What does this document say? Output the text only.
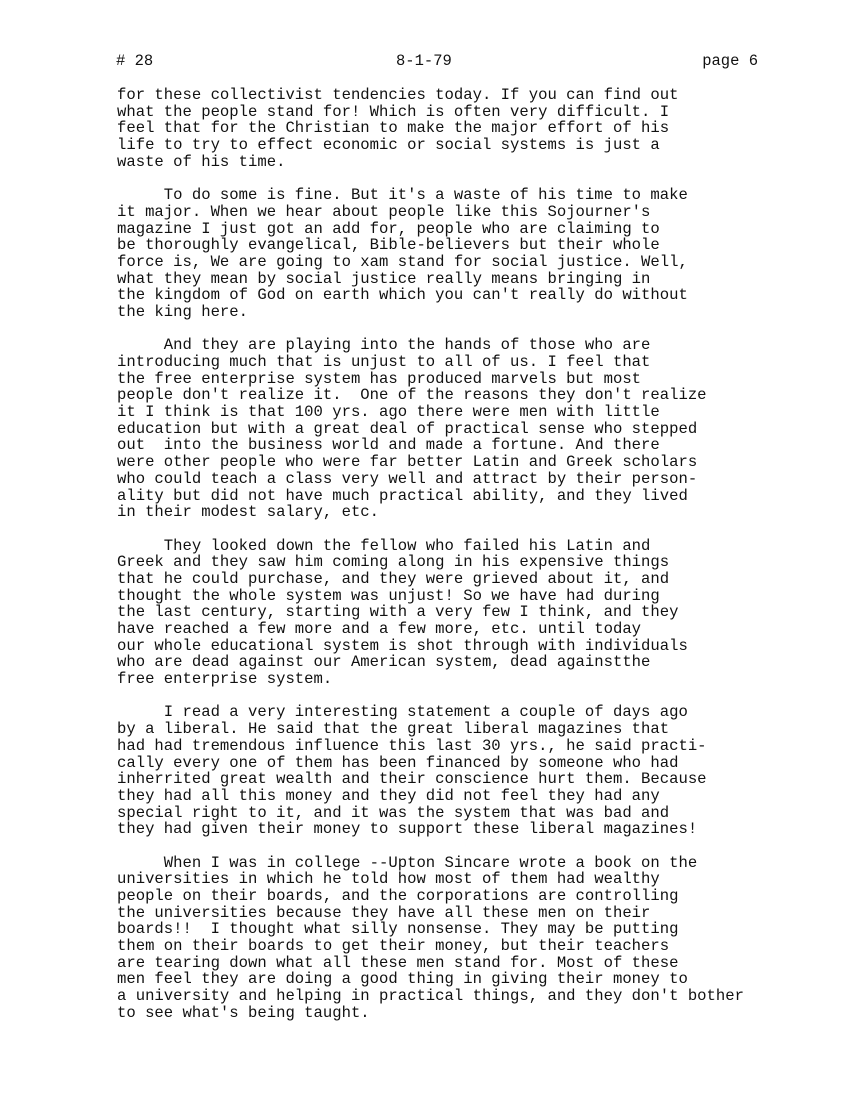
# 28	8-1-79	page 6
for these collectivist tendencies today. If you can find out
what the people stand for! Which is often very difficult. I
feel that for the Christian to make the major effort of his
life to try to effect economic or social systems is just a
waste of his time.
To do some is fine. But it's a waste of his time to make
it major. When we hear about people like this Sojourner's
magazine I just got an add for, people who are claiming to
be thoroughly evangelical, Bible-believers but their whole
force is, We are going to xam stand for social justice. Well,
what they mean by social justice really means bringing in
the kingdom of God on earth which you can't really do without
the king here.
And they are playing into the hands of those who are
introducing much that is unjust to all of us. I feel that
the free enterprise system has produced marvels but most
people don't realize it.  One of the reasons they don't realize
it I think is that 100 yrs. ago there were men with little
education but with a great deal of practical sense who stepped
out  into the business world and made a fortune. And there
were other people who were far better Latin and Greek scholars
who could teach a class very well and attract by their person-
ality but did not have much practical ability, and they lived
in their modest salary, etc.
They looked down the fellow who failed his Latin and
Greek and they saw him coming along in his expensive things
that he could purchase, and they were grieved about it, and
thought the whole system was unjust! So we have had during
the last century, starting with a very few I think, and they
have reached a few more and a few more, etc. until today
our whole educational system is shot through with individuals
who are dead against our American system, dead againstthe
free enterprise system.
I read a very interesting statement a couple of days ago
by a liberal. He said that the great liberal magazines that
had had tremendous influence this last 30 yrs., he said practi-
cally every one of them has been financed by someone who had
inherrited great wealth and their conscience hurt them. Because
they had all this money and they did not feel they had any
special right to it, and it was the system that was bad and
they had given their money to support these liberal magazines!
When I was in college --Upton Sincare wrote a book on the
universities in which he told how most of them had wealthy
people on their boards, and the corporations are controlling
the universities because they have all these men on their
boards!!  I thought what silly nonsense. They may be putting
them on their boards to get their money, but their teachers
are tearing down what all these men stand for. Most of these
men feel they are doing a good thing in giving their money to
a university and helping in practical things, and they don't bother
to see what's being taught.
